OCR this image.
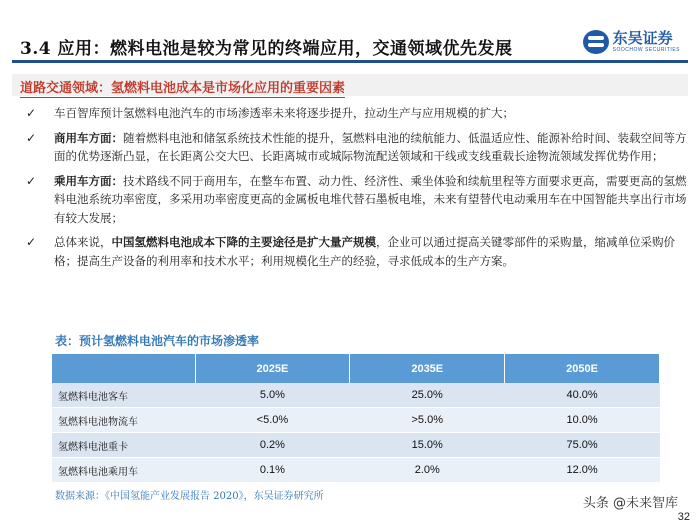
3.4 应用：燃料电池是较为常见的终端应用，交通领域优先发展
东吴证券
SOOCHOW SECURITIES
道路交通领域：氢燃料电池成本是市场化应用的重要因素
✓ 车百智库预计氢燃料电池汽车的市场渗透率未来将逐步提升，拉动生产与应用规模的扩大；
✓ 商用车方面：随着燃料电池和储氢系统技术性能的提升，氢燃料电池的续航能力、低温适应性、能源补给时间、装载空间等方面的优势逐渐凸显，在长距离公交大巴、长距离城市或城际物流配送领域和干线或支线重载长途物流领域发挥优势作用；
✓ 乘用车方面：技术路线不同于商用车，在整车布置、动力性、经济性、乘坐体验和续航里程等方面要求更高，需要更高的氢燃料电池系统功率密度，多采用功率密度更高的金属板电堆代替石墨板电堆，未来有望替代电动乘用车在中国智能共享出行市场有较大发展；
✓ 总体来说，中国氢燃料电池成本下降的主要途径是扩大量产规模，企业可以通过提高关键零部件的采购量，缩减单位采购价格；提高生产设备的利用率和技术水平；利用规模化生产的经验，寻求低成本的生产方案。
表：预计氢燃料电池汽车的市场渗透率
	2025E	2035E	2050E
氢燃料电池客车	5.0%	25.0%	40.0%
氢燃料电池物流车	<5.0%	>5.0%	10.0%
氢燃料电池重卡	0.2%	15.0%	75.0%
氢燃料电池乘用车	0.1%	2.0%	12.0%
数据来源：《中国氢能产业发展报告 2020》，东吴证券研究所	头条 @未来智库
32
